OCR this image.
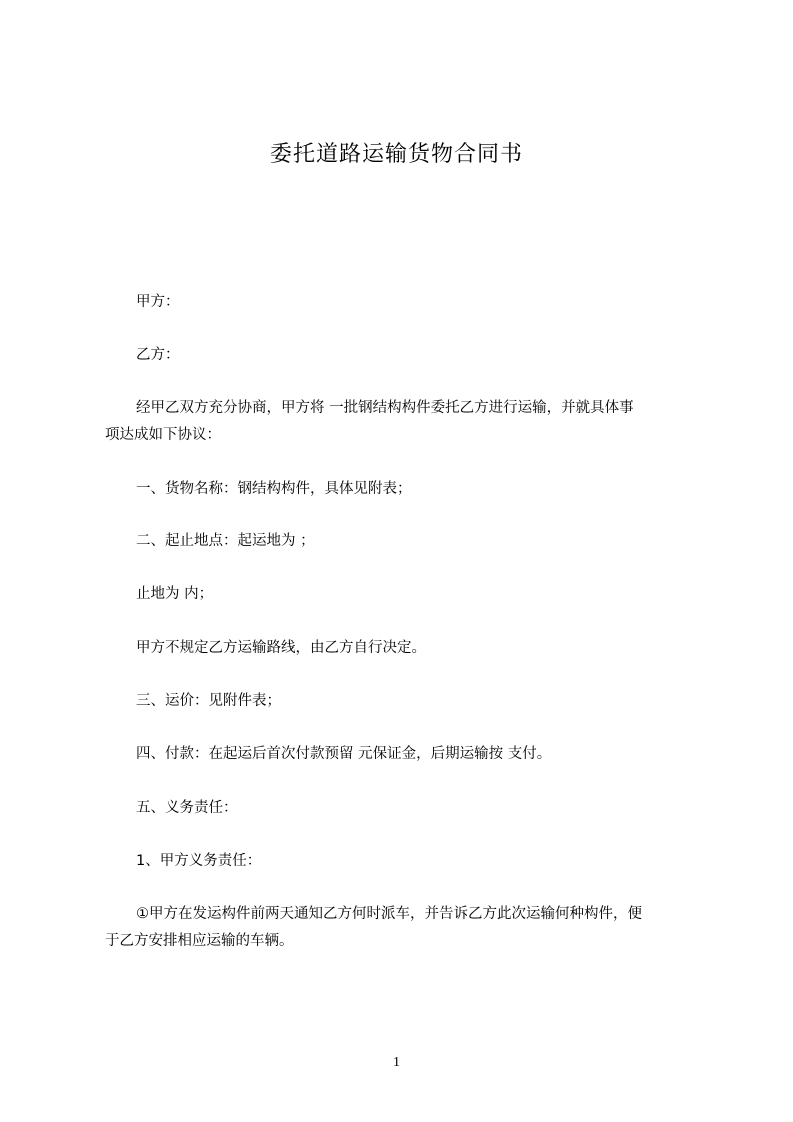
委托道路运输货物合同书
甲方：
乙方：
经甲乙双方充分协商，甲方将 一批钢结构构件委托乙方进行运输，并就具体事
项达成如下协议：
一、货物名称：钢结构构件，具体见附表；
二、起止地点：起运地为 ；
止地为 内；
甲方不规定乙方运输路线，由乙方自行决定。
三、运价：见附件表；
四、付款：在起运后首次付款预留 元保证金，后期运输按 支付。
五、义务责任：
1、甲方义务责任：
①甲方在发运构件前两天通知乙方何时派车，并告诉乙方此次运输何种构件，便
于乙方安排相应运输的车辆。
1
